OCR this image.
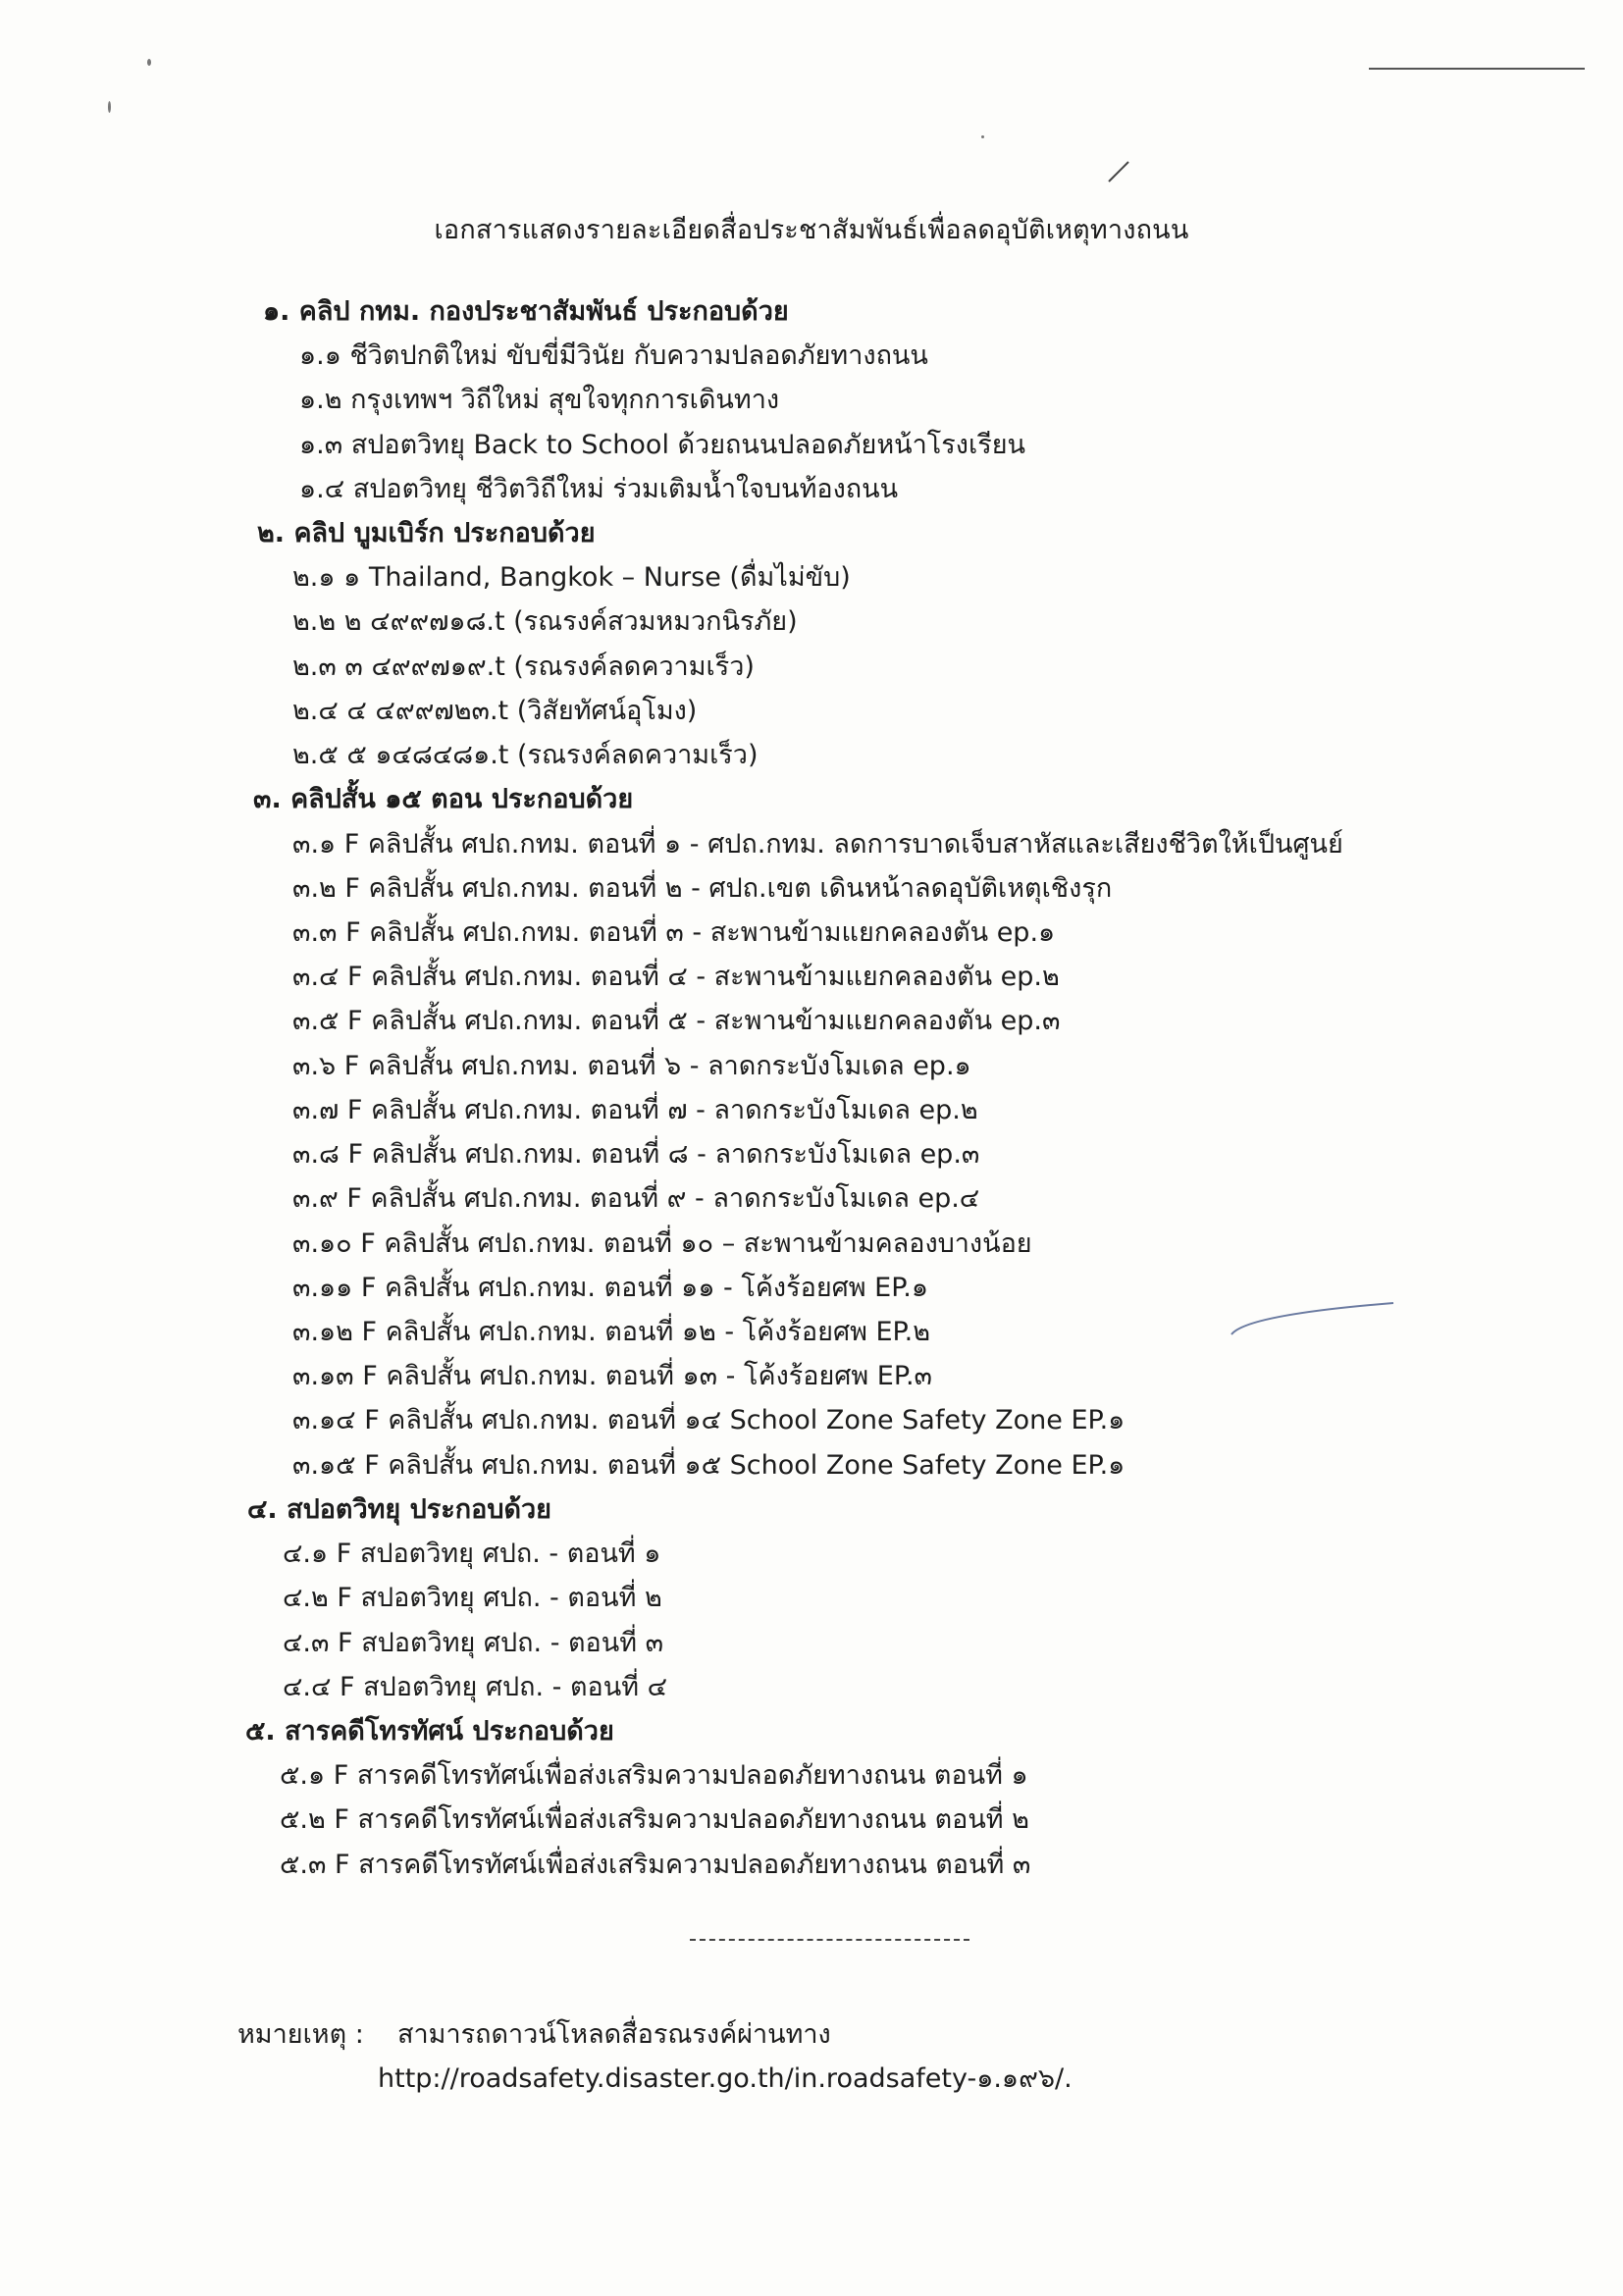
เอกสารแสดงรายละเอียดสื่อประชาสัมพันธ์เพื่อลดอุบัติเหตุทางถนน
๑. คลิป กทม. กองประชาสัมพันธ์ ประกอบด้วย
๑.๑ ชีวิตปกติใหม่ ขับขี่มีวินัย กับความปลอดภัยทางถนน
๑.๒ กรุงเทพฯ วิถีใหม่ สุขใจทุกการเดินทาง
๑.๓ สปอตวิทยุ Back to School ด้วยถนนปลอดภัยหน้าโรงเรียน
๑.๔ สปอตวิทยุ ชีวิตวิถีใหม่ ร่วมเติมน้ำใจบนท้องถนน
๒. คลิป บูมเบิร์ก ประกอบด้วย
๒.๑ ๑ Thailand, Bangkok – Nurse (ดื่มไม่ขับ)
๒.๒ ๒ ๔๙๙๗๑๘.t (รณรงค์สวมหมวกนิรภัย)
๒.๓ ๓ ๔๙๙๗๑๙.t (รณรงค์ลดความเร็ว)
๒.๔ ๔ ๔๙๙๗๒๓.t (วิสัยทัศน์อุโมง)
๒.๕ ๕ ๑๔๘๔๘๑.t (รณรงค์ลดความเร็ว)
๓. คลิปสั้น ๑๕ ตอน ประกอบด้วย
๓.๑ F คลิปสั้น ศปถ.กทม. ตอนที่ ๑ - ศปถ.กทม. ลดการบาดเจ็บสาหัสและเสียงชีวิตให้เป็นศูนย์
๓.๒ F คลิปสั้น ศปถ.กทม. ตอนที่ ๒ - ศปถ.เขต เดินหน้าลดอุบัติเหตุเชิงรุก
๓.๓ F คลิปสั้น ศปถ.กทม. ตอนที่ ๓ - สะพานข้ามแยกคลองตัน ep.๑
๓.๔ F คลิปสั้น ศปถ.กทม. ตอนที่ ๔ - สะพานข้ามแยกคลองตัน ep.๒
๓.๕ F คลิปสั้น ศปถ.กทม. ตอนที่ ๕ - สะพานข้ามแยกคลองตัน ep.๓
๓.๖ F คลิปสั้น ศปถ.กทม. ตอนที่ ๖ - ลาดกระบังโมเดล ep.๑
๓.๗ F คลิปสั้น ศปถ.กทม. ตอนที่ ๗ - ลาดกระบังโมเดล ep.๒
๓.๘ F คลิปสั้น ศปถ.กทม. ตอนที่ ๘ - ลาดกระบังโมเดล ep.๓
๓.๙ F คลิปสั้น ศปถ.กทม. ตอนที่ ๙ - ลาดกระบังโมเดล ep.๔
๓.๑๐ F คลิปสั้น ศปถ.กทม. ตอนที่ ๑๐ – สะพานข้ามคลองบางน้อย
๓.๑๑ F คลิปสั้น ศปถ.กทม. ตอนที่ ๑๑ - โค้งร้อยศพ EP.๑
๓.๑๒ F คลิปสั้น ศปถ.กทม. ตอนที่ ๑๒ - โค้งร้อยศพ EP.๒
๓.๑๓ F คลิปสั้น ศปถ.กทม. ตอนที่ ๑๓ - โค้งร้อยศพ EP.๓
๓.๑๔ F คลิปสั้น ศปถ.กทม. ตอนที่ ๑๔ School Zone Safety Zone EP.๑
๓.๑๕ F คลิปสั้น ศปถ.กทม. ตอนที่ ๑๕ School Zone Safety Zone EP.๑
๔. สปอตวิทยุ ประกอบด้วย
๔.๑ F สปอตวิทยุ ศปถ. - ตอนที่ ๑
๔.๒ F สปอตวิทยุ ศปถ. - ตอนที่ ๒
๔.๓ F สปอตวิทยุ ศปถ. - ตอนที่ ๓
๔.๔ F สปอตวิทยุ ศปถ. - ตอนที่ ๔
๕. สารคดีโทรทัศน์ ประกอบด้วย
๕.๑ F สารคดีโทรทัศน์เพื่อส่งเสริมความปลอดภัยทางถนน ตอนที่ ๑
๕.๒ F สารคดีโทรทัศน์เพื่อส่งเสริมความปลอดภัยทางถนน ตอนที่ ๒
๕.๓ F สารคดีโทรทัศน์เพื่อส่งเสริมความปลอดภัยทางถนน ตอนที่ ๓
หมายเหตุ : สามารถดาวน์โหลดสื่อรณรงค์ผ่านทาง
http://roadsafety.disaster.go.th/in.roadsafety-๑.๑๙๖/.
